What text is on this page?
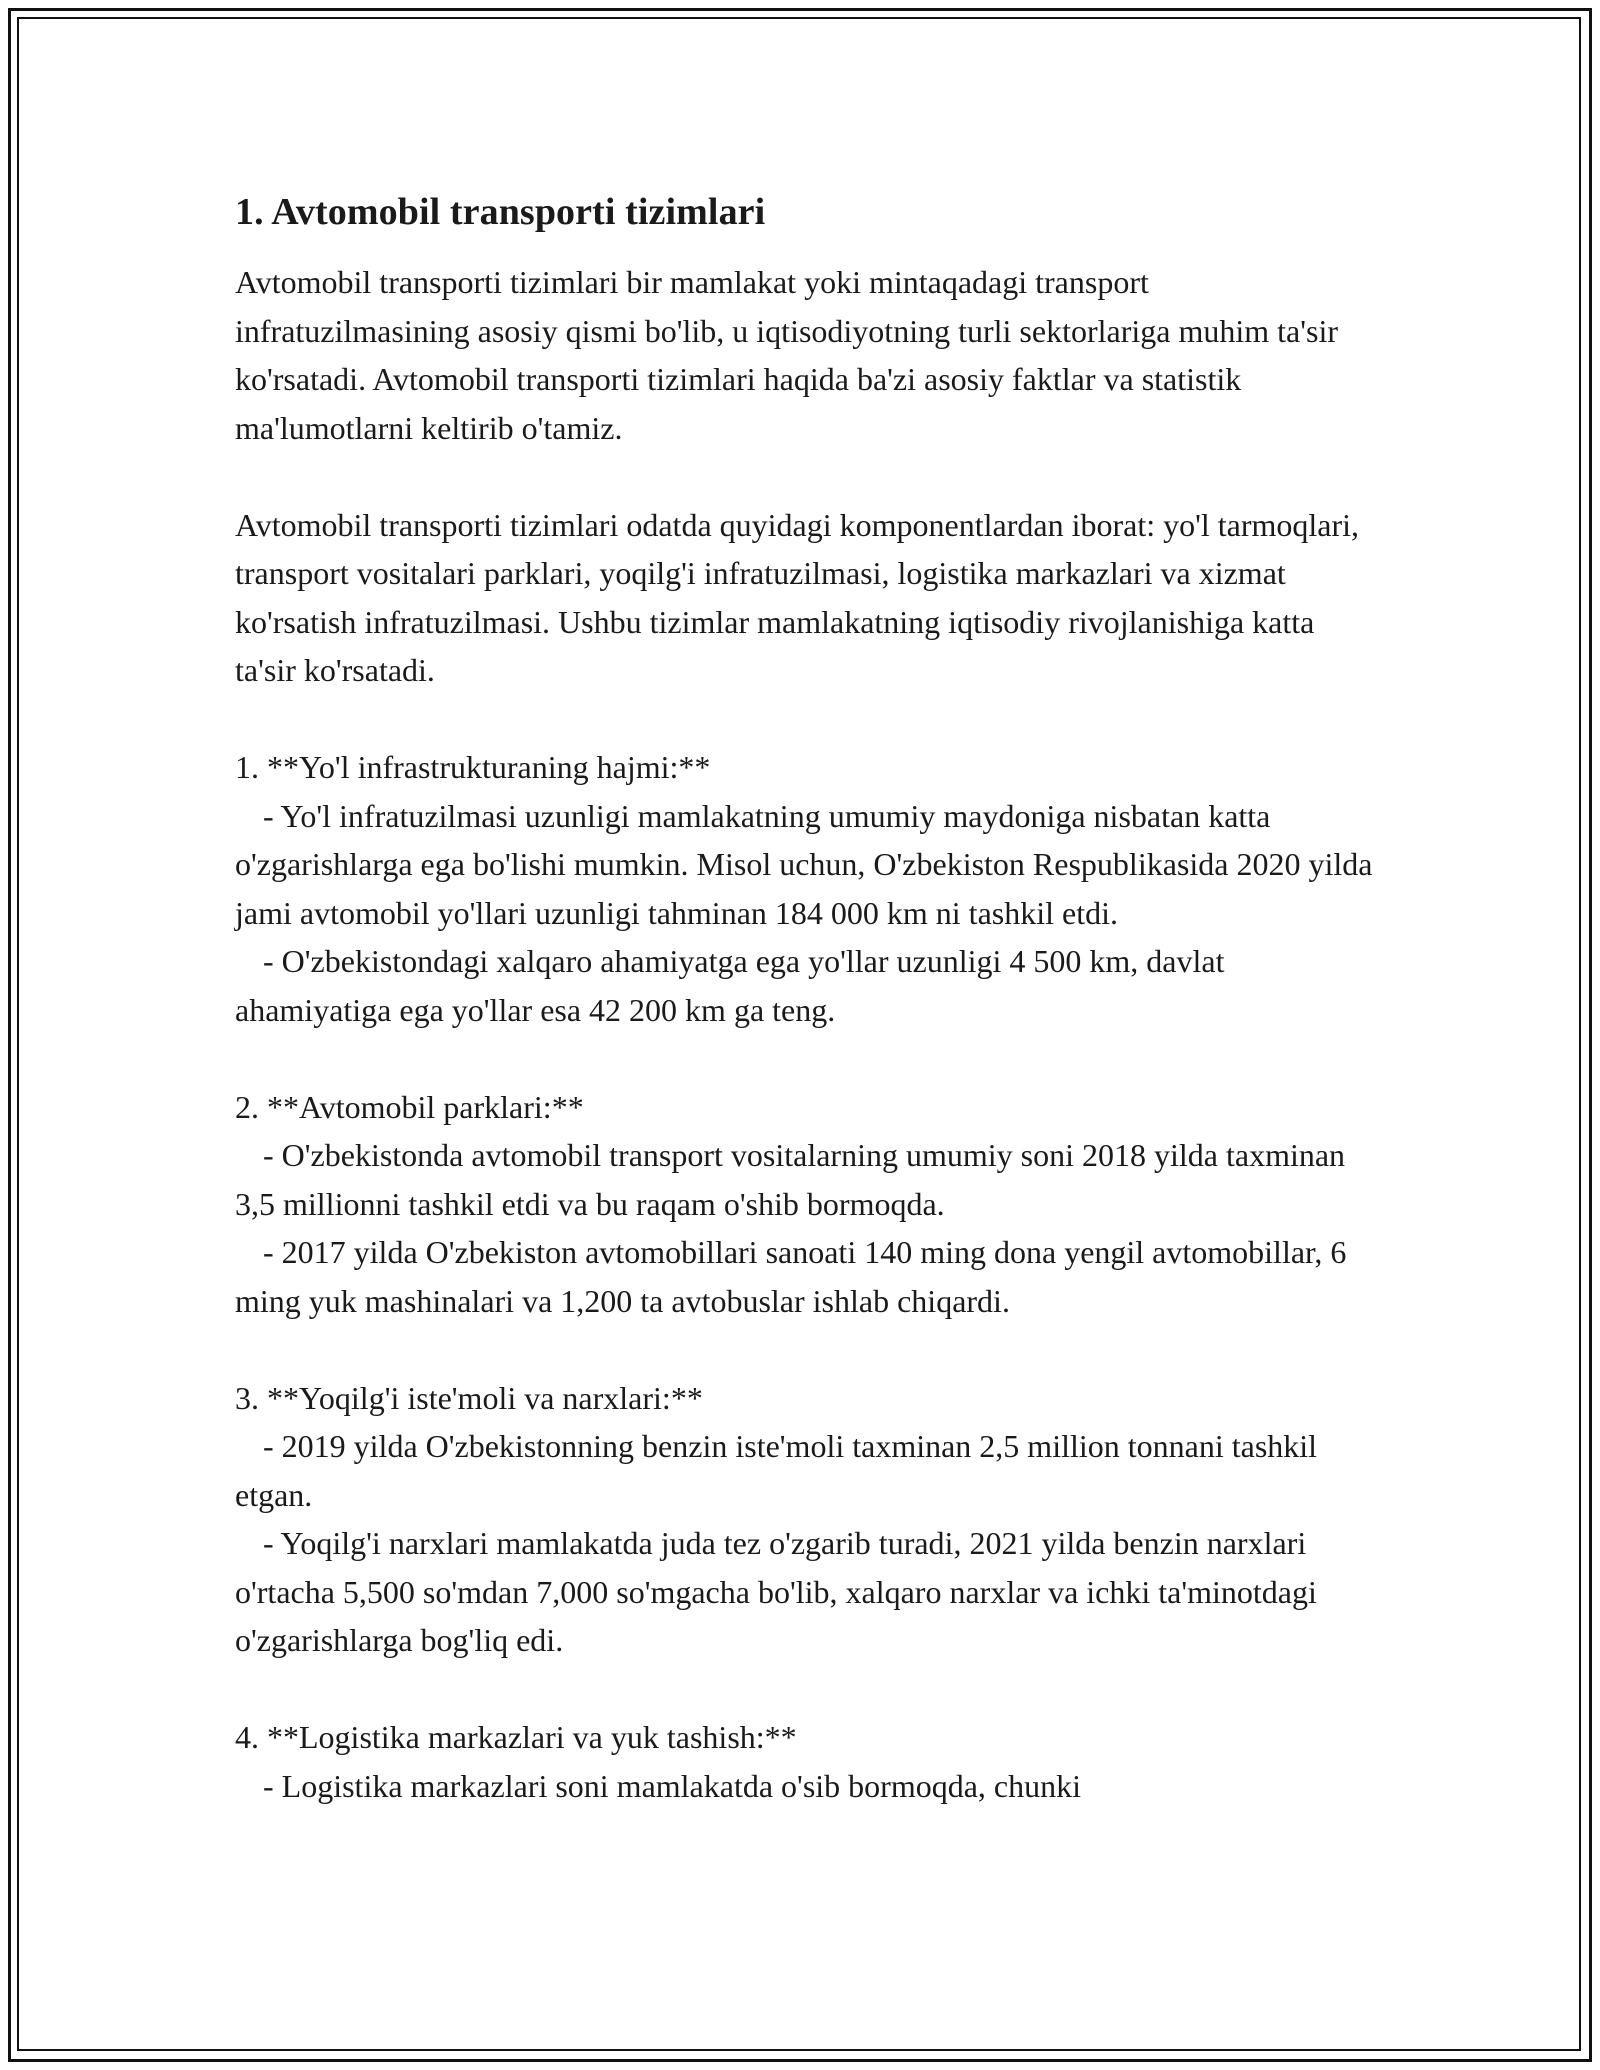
1. Avtomobil transporti tizimlari

Avtomobil transporti tizimlari bir mamlakat yoki mintaqadagi transport infratuzilmasining asosiy qismi bo'lib, u iqtisodiyotning turli sektorlariga muhim ta'sir ko'rsatadi. Avtomobil transporti tizimlari haqida ba'zi asosiy faktlar va statistik ma'lumotlarni keltirib o'tamiz.

Avtomobil transporti tizimlari odatda quyidagi komponentlardan iborat: yo'l tarmoqlari, transport vositalari parklari, yoqilg'i infratuzilmasi, logistika markazlari va xizmat ko'rsatish infratuzilmasi. Ushbu tizimlar mamlakatning iqtisodiy rivojlanishiga katta ta'sir ko'rsatadi.

1. **Yo'l infrastrukturaning hajmi:**

- Yo'l infratuzilmasi uzunligi mamlakatning umumiy maydoniga nisbatan katta o'zgarishlarga ega bo'lishi mumkin. Misol uchun, O'zbekiston Respublikasida 2020 yilda jami avtomobil yo'llari uzunligi tahminan 184 000 km ni tashkil etdi.

- O'zbekistondagi xalqaro ahamiyatga ega yo'llar uzunligi 4 500 km, davlat ahamiyatiga ega yo'llar esa 42 200 km ga teng.

2. **Avtomobil parklari:**

- O'zbekistonda avtomobil transport vositalarning umumiy soni 2018 yilda taxminan 3,5 millionni tashkil etdi va bu raqam o'shib bormoqda.

- 2017 yilda O'zbekiston avtomobillari sanoati 140 ming dona yengil avtomobillar, 6 ming yuk mashinalari va 1,200 ta avtobuslar ishlab chiqardi.

3. **Yoqilg'i iste'moli va narxlari:**

- 2019 yilda O'zbekistonning benzin iste'moli taxminan 2,5 million tonnani tashkil etgan.

- Yoqilg'i narxlari mamlakatda juda tez o'zgarib turadi, 2021 yilda benzin narxlari o'rtacha 5,500 so'mdan 7,000 so'mgacha bo'lib, xalqaro narxlar va ichki ta'minotdagi o'zgarishlarga bog'liq edi.

4. **Logistika markazlari va yuk tashish:**

- Logistika markazlari soni mamlakatda o'sib bormoqda, chunki
